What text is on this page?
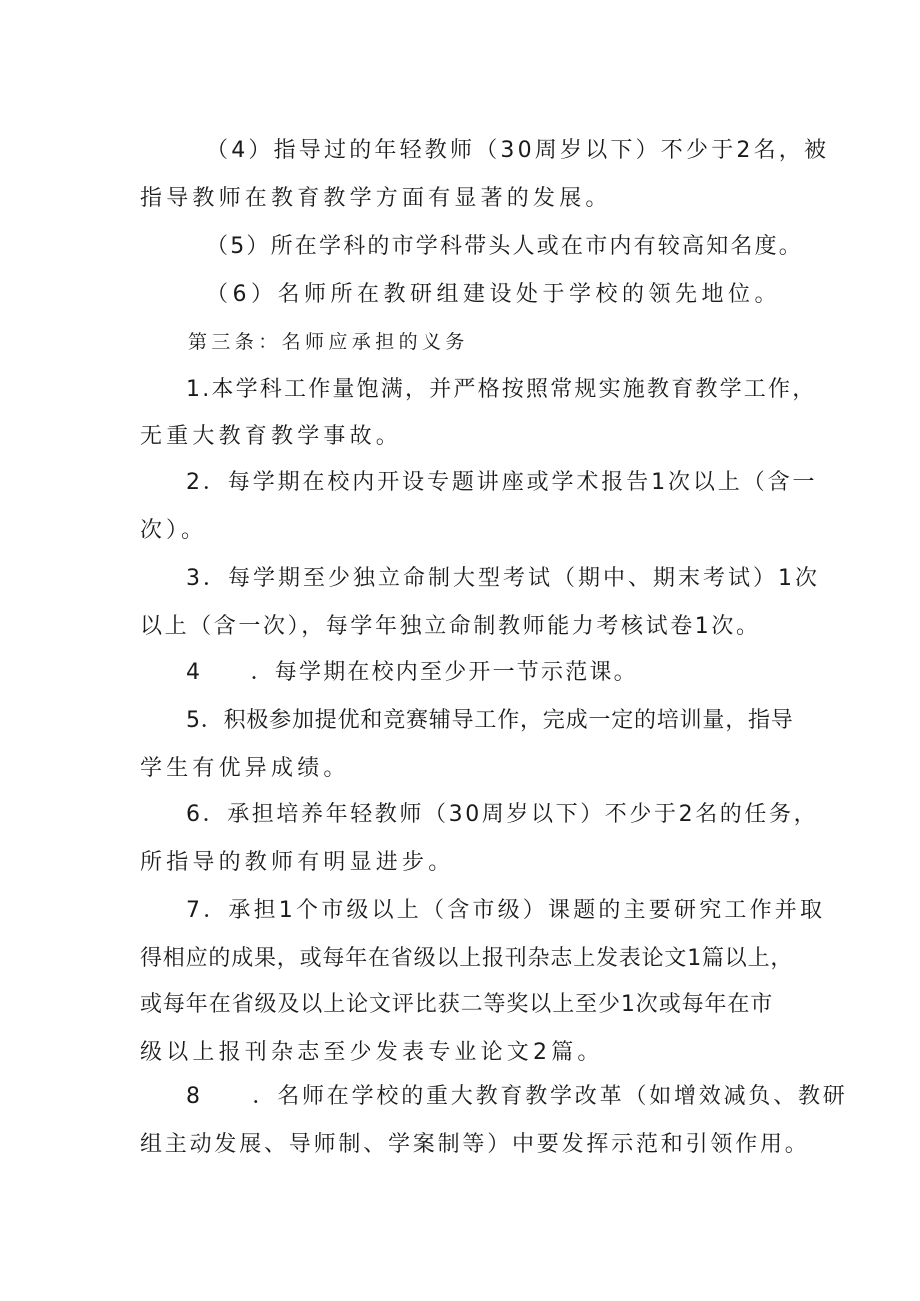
（4）指导过的年轻教师（30周岁以下）不少于2名，被
指导教师在教育教学方面有显著的发展。
（5）所在学科的市学科带头人或在市内有较高知名度。
（6）名师所在教研组建设处于学校的领先地位。
第三条：名师应承担的义务
1.本学科工作量饱满，并严格按照常规实施教育教学工作，
无重大教育教学事故。
2．每学期在校内开设专题讲座或学术报告1次以上（含一
次）。
3．每学期至少独立命制大型考试（期中、期末考试）1次
以上（含一次），每学年独立命制教师能力考核试卷1次。
4　　．每学期在校内至少开一节示范课。
5．积极参加提优和竞赛辅导工作，完成一定的培训量，指导
学生有优异成绩。
6．承担培养年轻教师（30周岁以下）不少于2名的任务，
所指导的教师有明显进步。
7．承担1个市级以上（含市级）课题的主要研究工作并取
得相应的成果，或每年在省级以上报刊杂志上发表论文1篇以上，
或每年在省级及以上论文评比获二等奖以上至少1次或每年在市
级以上报刊杂志至少发表专业论文2篇。
8　　．名师在学校的重大教育教学改革（如增效减负、教研
组主动发展、导师制、学案制等）中要发挥示范和引领作用。
